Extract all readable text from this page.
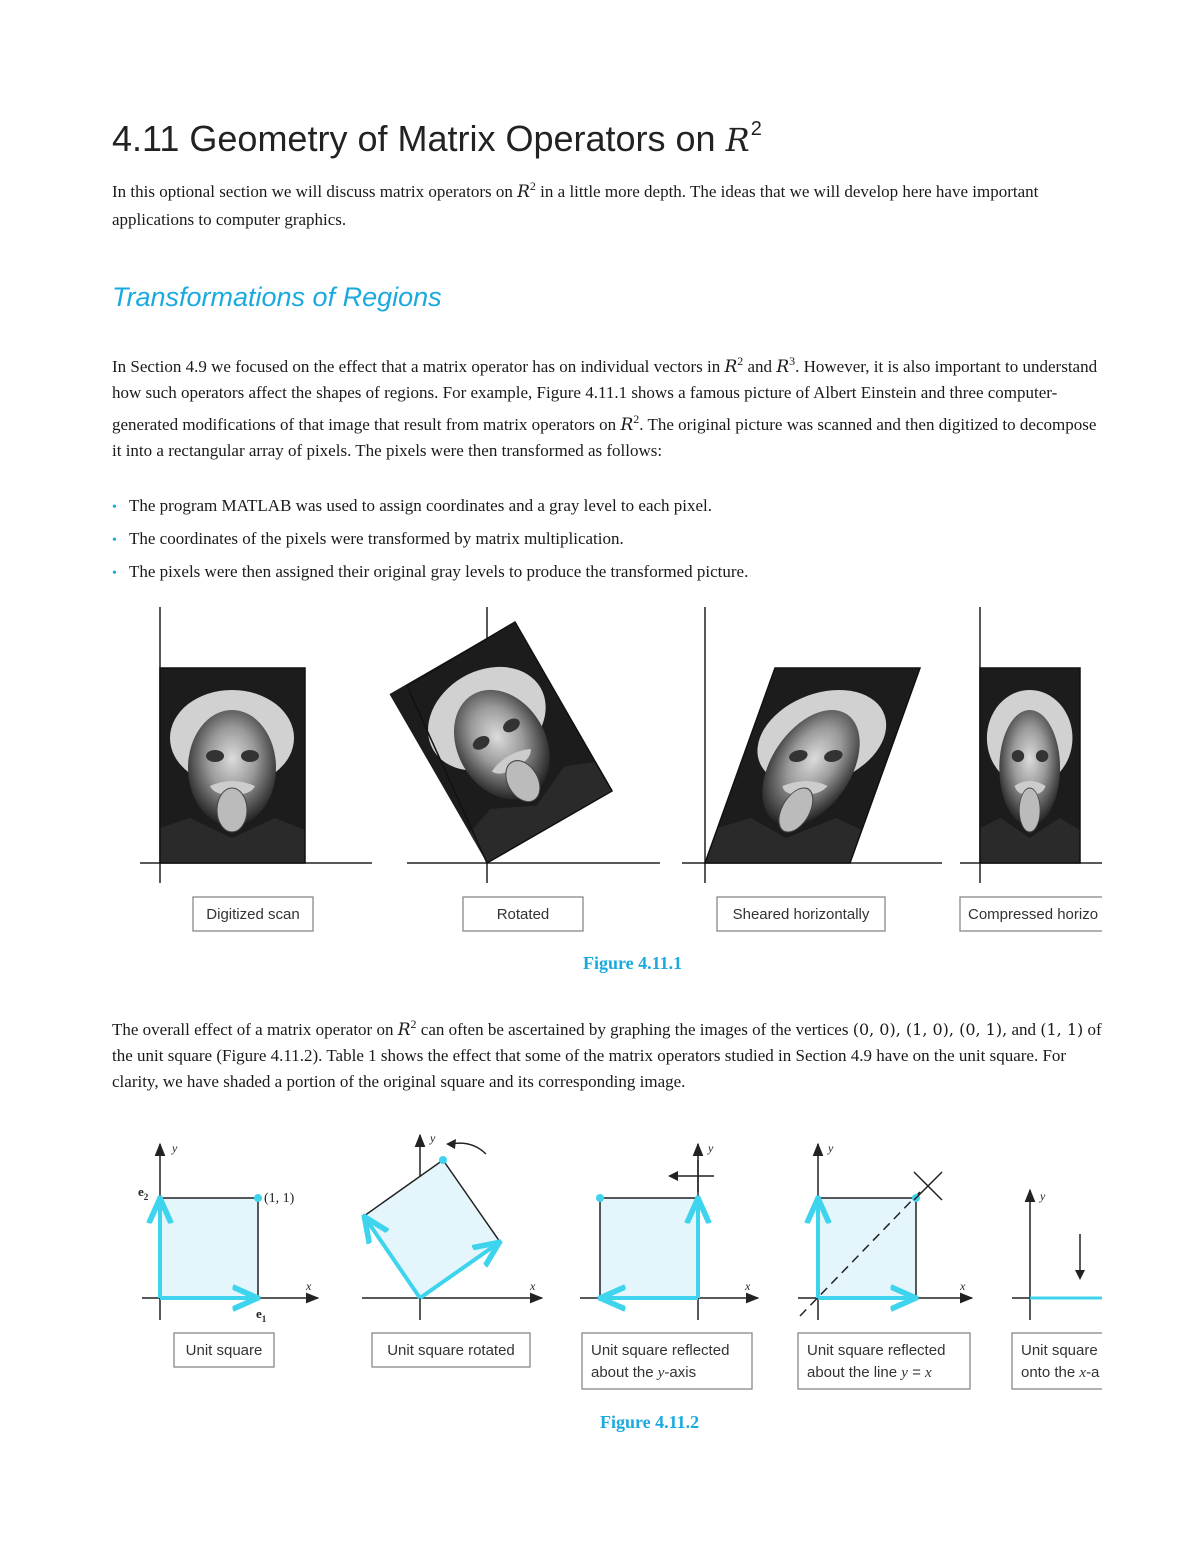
4.11 Geometry of Matrix Operators on $R^2$
In this optional section we will discuss matrix operators on $R^2$ in a little more depth. The ideas that we will develop here have important applications to computer graphics.
Transformations of Regions
In Section 4.9 we focused on the effect that a matrix operator has on individual vectors in $R^2$ and $R^3$. However, it is also important to understand how such operators affect the shapes of regions. For example, Figure 4.11.1 shows a famous picture of Albert Einstein and three computer-generated modifications of that image that result from matrix operators on $R^2$. The original picture was scanned and then digitized to decompose it into a rectangular array of pixels. The pixels were then transformed as follows:
• The program MATLAB was used to assign coordinates and a gray level to each pixel.
• The coordinates of the pixels were transformed by matrix multiplication.
• The pixels were then assigned their original gray levels to produce the transformed picture.
Digitized scan	Rotated	Sheared horizontally	Compressed horizo
Figure 4.11.1
The overall effect of a matrix operator on $R^2$ can often be ascertained by graphing the images of the vertices (0, 0), (1, 0), (0, 1), and (1, 1) of the unit square (Figure 4.11.2). Table 1 shows the effect that some of the matrix operators studied in Section 4.9 have on the unit square. For clarity, we have shaded a portion of the original square and its corresponding image.
(1, 1)
y
x
$e_2$
$e_1$
Unit square
y
x
Unit square rotated
y
x
Unit square reflected
about the y-axis
y
x
Unit square reflected
about the line y = x
y
Unit square
onto the x-a
Figure 4.11.2
